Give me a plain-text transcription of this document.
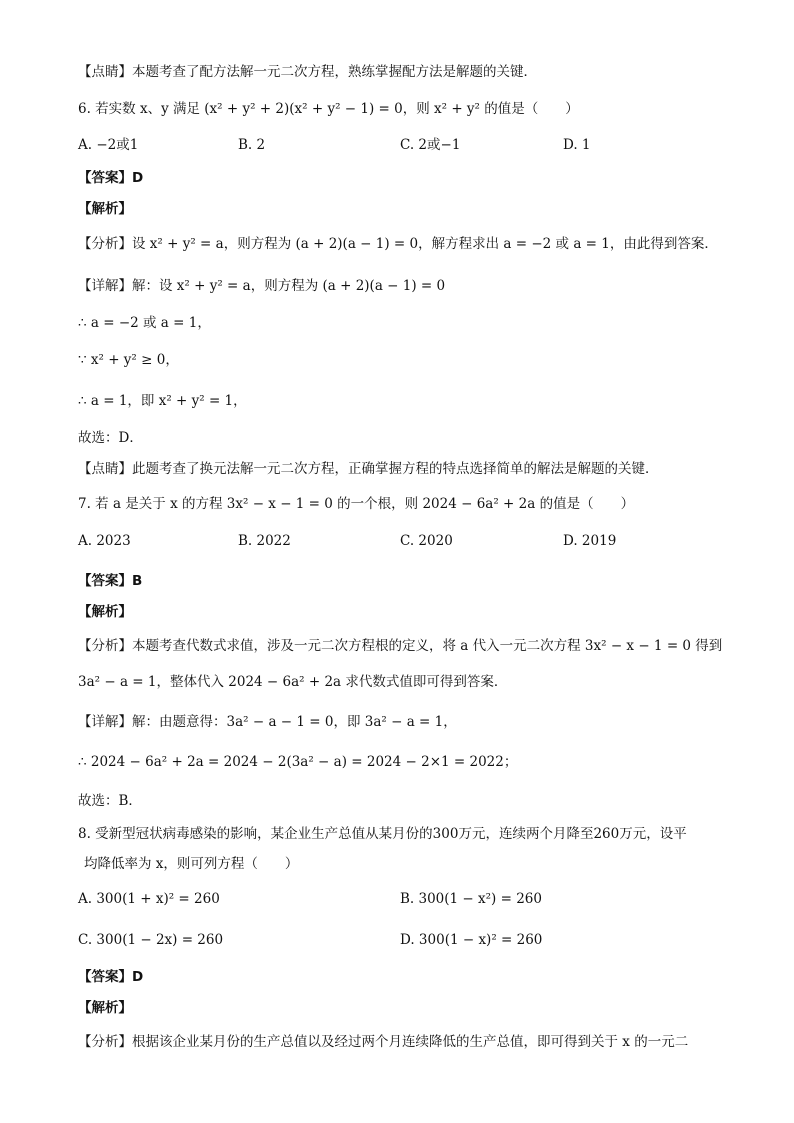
【点睛】本题考查了配方法解一元二次方程，熟练掌握配方法是解题的关键．
6. 若实数 x、y 满足 (x² + y² + 2)(x² + y² − 1) = 0，则 x² + y² 的值是（　　）
A. −2或1	B. 2	C. 2或−1	D. 1
【答案】D
【解析】
【分析】设 x² + y² = a，则方程为 (a + 2)(a − 1) = 0，解方程求出 a = −2 或 a = 1，由此得到答案．
【详解】解：设 x² + y² = a，则方程为 (a + 2)(a − 1) = 0
∴ a = −2 或 a = 1，
∵ x² + y² ≥ 0，
∴ a = 1，即 x² + y² = 1，
故选：D．
【点睛】此题考查了换元法解一元二次方程，正确掌握方程的特点选择简单的解法是解题的关键．
7. 若 a 是关于 x 的方程 3x² − x − 1 = 0 的一个根，则 2024 − 6a² + 2a 的值是（　　）
A. 2023	B. 2022	C. 2020	D. 2019
【答案】B
【解析】
【分析】本题考查代数式求值，涉及一元二次方程根的定义，将 a 代入一元二次方程 3x² − x − 1 = 0 得到
3a² − a = 1，整体代入 2024 − 6a² + 2a 求代数式值即可得到答案．
【详解】解：由题意得：3a² − a − 1 = 0，即 3a² − a = 1，
∴ 2024 − 6a² + 2a = 2024 − 2(3a² − a) = 2024 − 2×1 = 2022；
故选：B．
8. 受新型冠状病毒感染的影响，某企业生产总值从某月份的300万元，连续两个月降至260万元，设平
均降低率为 x，则可列方程（　　）
A. 300(1 + x)² = 260	B. 300(1 − x²) = 260
C. 300(1 − 2x) = 260	D. 300(1 − x)² = 260
【答案】D
【解析】
【分析】根据该企业某月份的生产总值以及经过两个月连续降低的生产总值，即可得到关于 x 的一元二
